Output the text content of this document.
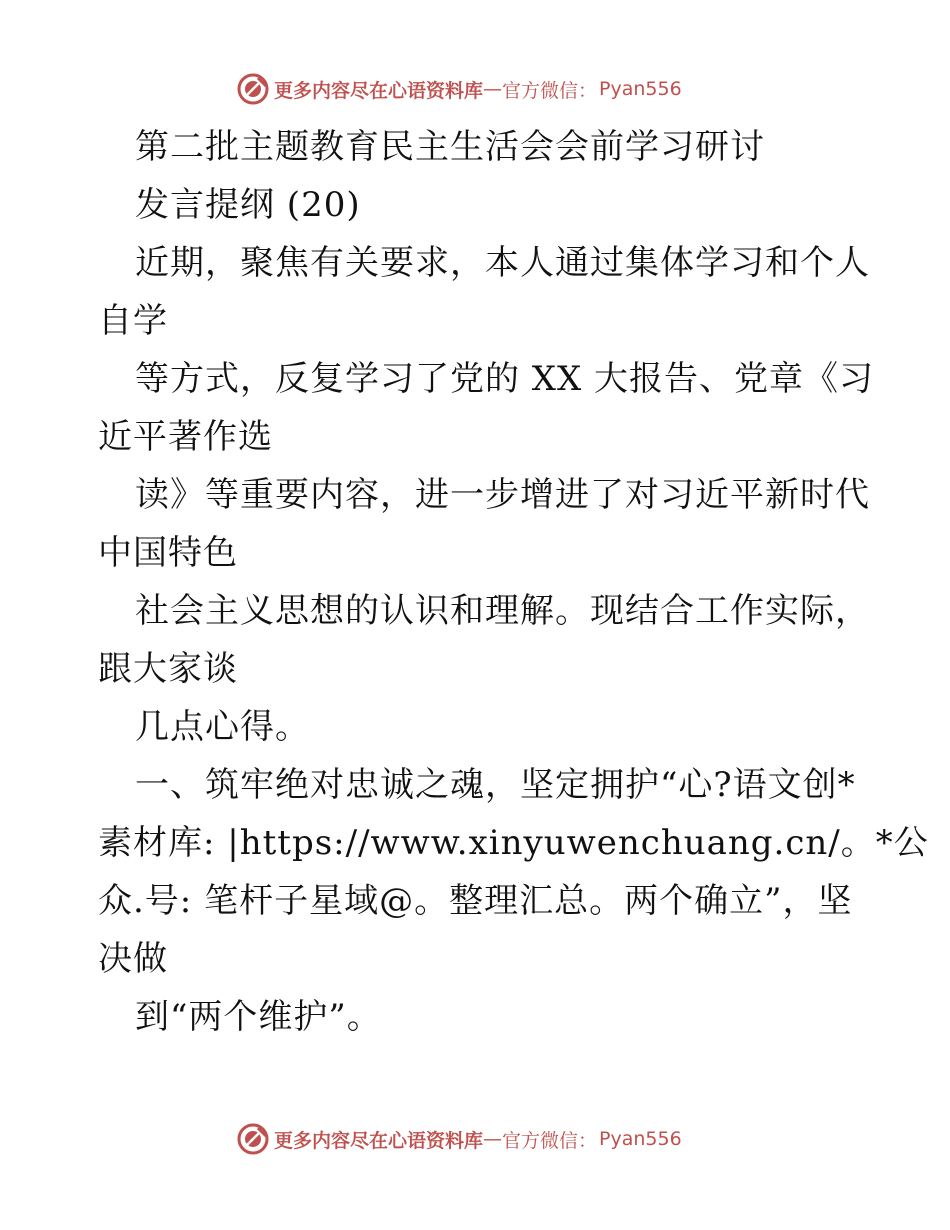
更多内容尽在心语资料库 — 官方微信： Pyan556
第二批主题教育民主生活会会前学习研讨
发言提纲 (20)
近期，聚焦有关要求，本人通过集体学习和个人
自学
等方式，反复学习了党的 XX 大报告、党章《习
近平著作选
读》等重要内容，进一步增进了对习近平新时代
中国特色
社会主义思想的认识和理解。现结合工作实际，
跟大家谈
几点心得。
一、筑牢绝对忠诚之魂，坚定拥护“心?语文创*
素材库: |https://www.xinyuwenchuang.cn/。*公
众.号: 笔杆子星域@。整理汇总。两个确立”，坚
决做
到“两个维护”。
更多内容尽在心语资料库 — 官方微信： Pyan556
